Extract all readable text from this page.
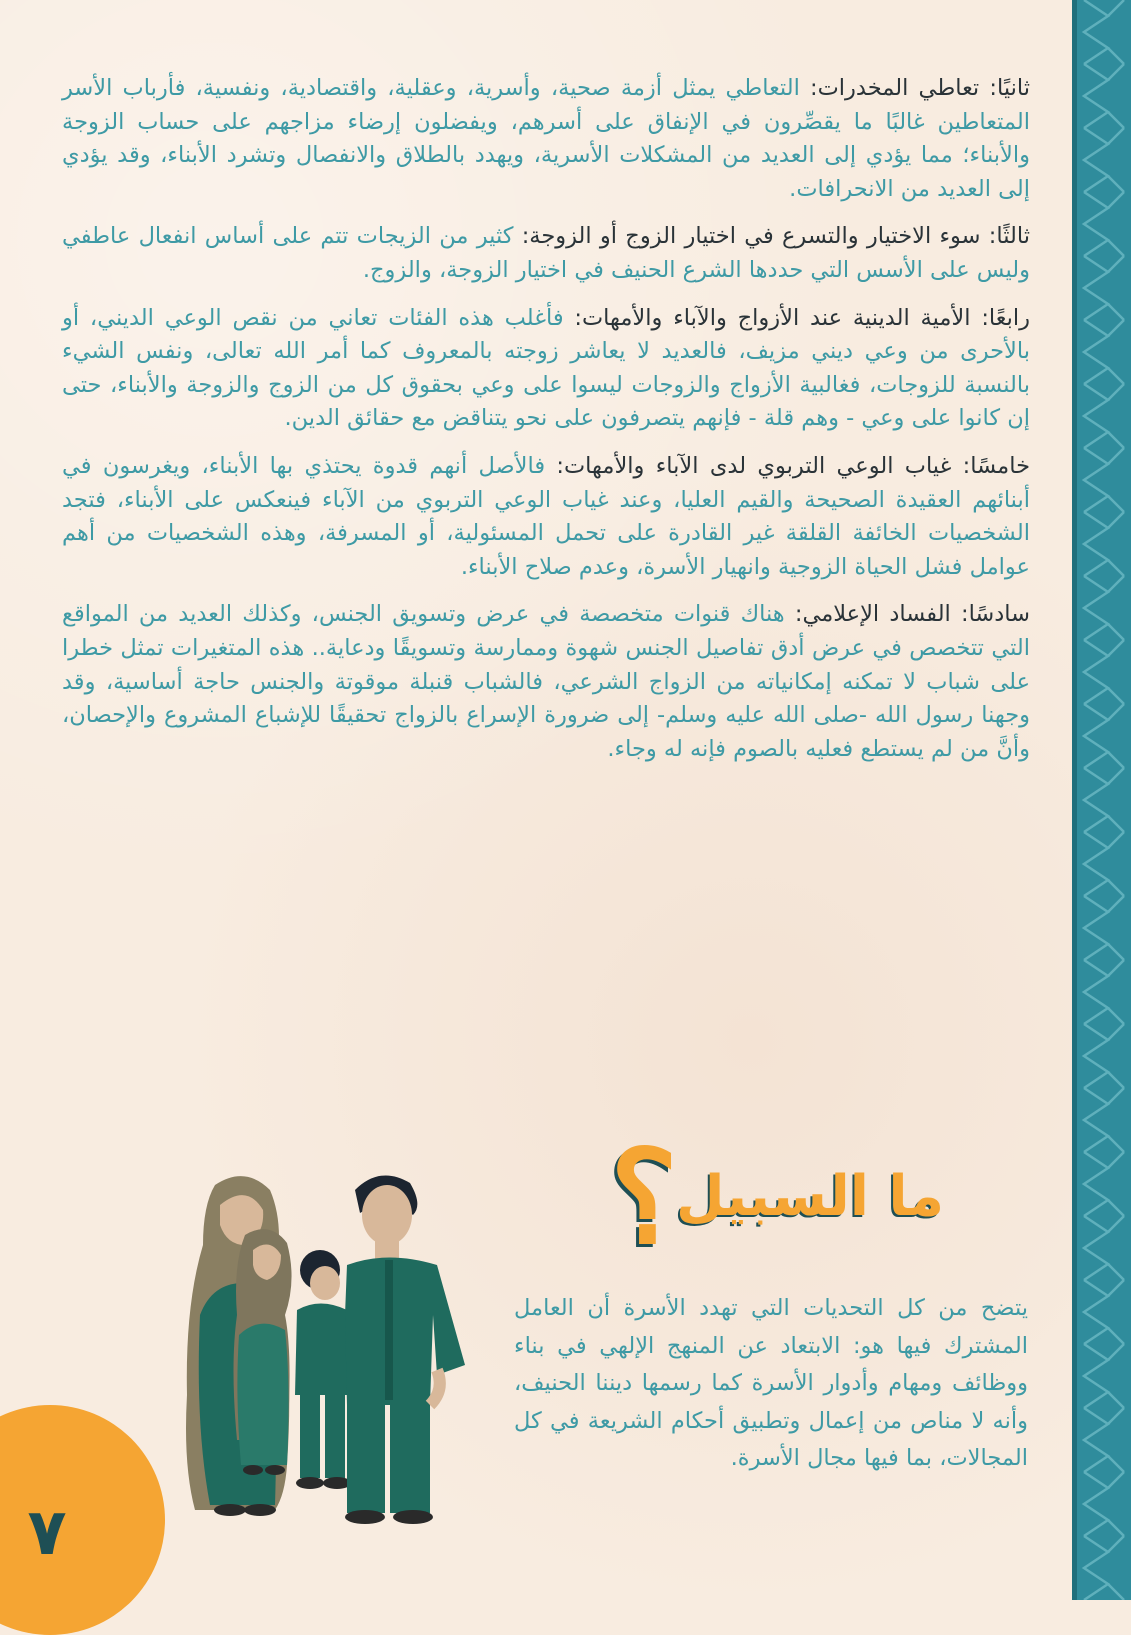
ثانيًا: تعاطي المخدرات: التعاطي يمثل أزمة صحية، وأسرية، وعقلية، واقتصادية، ونفسية، فأرباب الأسر المتعاطين غالبًا ما يقصِّرون في الإنفاق على أسرهم، ويفضلون إرضاء مزاجهم على حساب الزوجة والأبناء؛ مما يؤدي إلى العديد من المشكلات الأسرية، ويهدد بالطلاق والانفصال وتشرد الأبناء، وقد يؤدي إلى العديد من الانحرافات.

ثالثًا: سوء الاختيار والتسرع في اختيار الزوج أو الزوجة: كثير من الزيجات تتم على أساس انفعال عاطفي وليس على الأسس التي حددها الشرع الحنيف في اختيار الزوجة، والزوج.

رابعًا: الأمية الدينية عند الأزواج والآباء والأمهات: فأغلب هذه الفئات تعاني من نقص الوعي الديني، أو بالأحرى من وعي ديني مزيف، فالعديد لا يعاشر زوجته بالمعروف كما أمر الله تعالى، ونفس الشيء بالنسبة للزوجات، فغالبية الأزواج والزوجات ليسوا على وعي بحقوق كل من الزوج والزوجة والأبناء، حتى إن كانوا على وعي - وهم قلة - فإنهم يتصرفون على نحو يتناقض مع حقائق الدين.

خامسًا: غياب الوعي التربوي لدى الآباء والأمهات: فالأصل أنهم قدوة يحتذي بها الأبناء، ويغرسون في أبنائهم العقيدة الصحيحة والقيم العليا، وعند غياب الوعي التربوي من الآباء فينعكس على الأبناء، فتجد الشخصيات الخائفة القلقة غير القادرة على تحمل المسئولية، أو المسرفة، وهذه الشخصيات من أهم عوامل فشل الحياة الزوجية وانهيار الأسرة، وعدم صلاح الأبناء.

سادسًا: الفساد الإعلامي: هناك قنوات متخصصة في عرض وتسويق الجنس، وكذلك العديد من المواقع التي تتخصص في عرض أدق تفاصيل الجنس شهوة وممارسة وتسويقًا ودعاية.. هذه المتغيرات تمثل خطرا على شباب لا تمكنه إمكانياته من الزواج الشرعي، فالشباب قنبلة موقوتة والجنس حاجة أساسية، وقد وجهنا رسول الله -صلى الله عليه وسلم- إلى ضرورة الإسراع بالزواج تحقيقًا للإشباع المشروع والإحصان، وأنَّ من لم يستطع فعليه بالصوم فإنه له وجاء.

؟
ما السبيل

يتضح من كل التحديات التي تهدد الأسرة أن العامل المشترك فيها هو: الابتعاد عن المنهج الإلهي في بناء ووظائف ومهام وأدوار الأسرة كما رسمها ديننا الحنيف، وأنه لا مناص من إعمال وتطبيق أحكام الشريعة في كل المجالات، بما فيها مجال الأسرة.

٧
